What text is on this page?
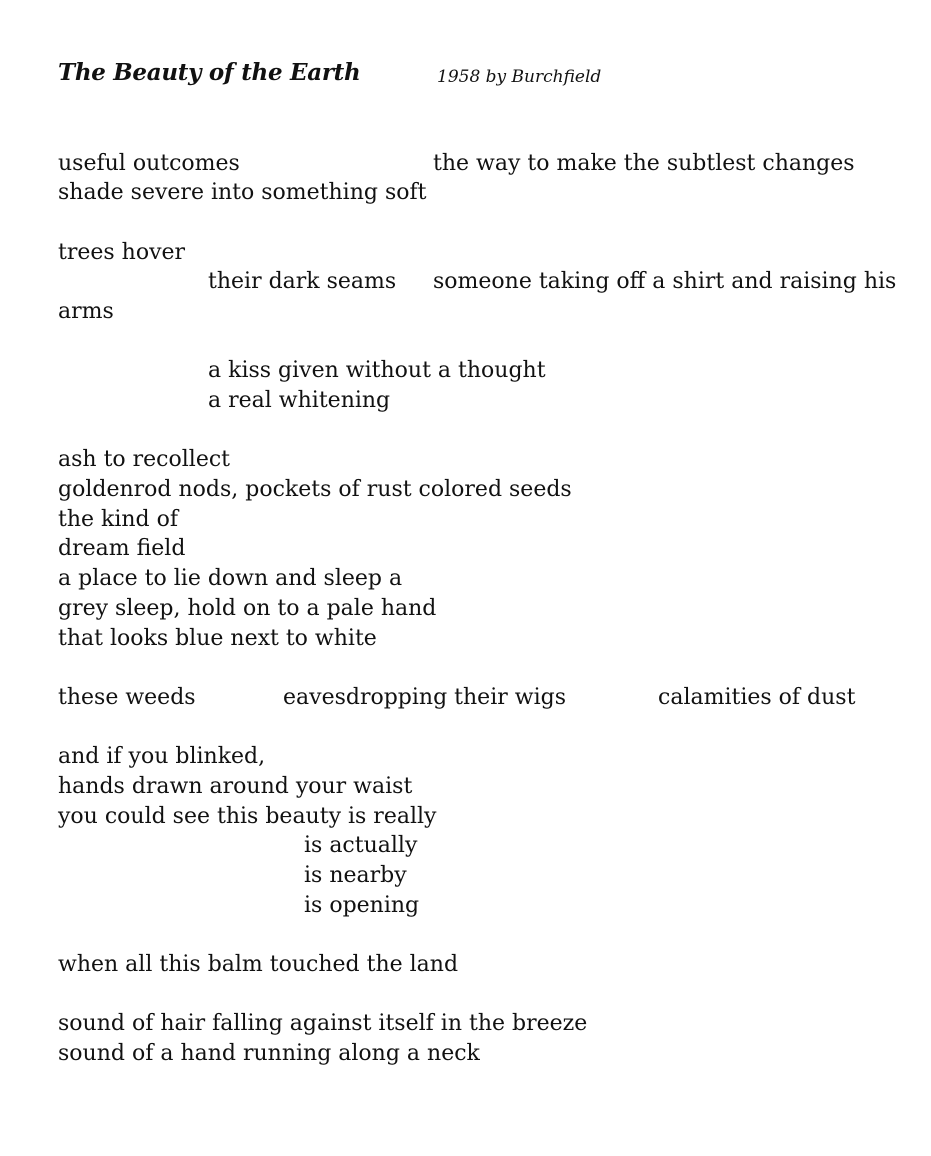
The Beauty of the Earth	1958 by Burchfield
useful outcomes	the way to make the subtlest changes
shade severe into something soft
trees hover
their dark seams someone taking off a shirt and raising his
arms
a kiss given without a thought
a real whitening
ash to recollect
goldenrod nods, pockets of rust colored seeds
the kind of
dream field
a place to lie down and sleep a
grey sleep, hold on to a pale hand
that looks blue next to white
these weeds	eavesdropping their wigs	calamities of dust
and if you blinked,
hands drawn around your waist
you could see this beauty is really
is actually
is nearby
is opening
when all this balm touched the land
sound of hair falling against itself in the breeze
sound of a hand running along a neck
